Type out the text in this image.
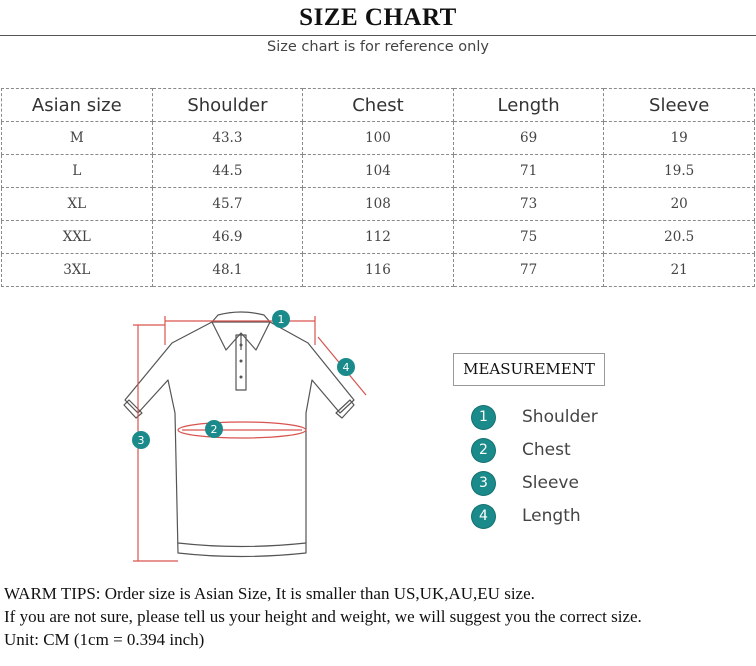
SIZE CHART
Size chart is for reference only
Asian size	Shoulder	Chest	Length	Sleeve
M	43.3	100	69	19
L	44.5	104	71	19.5
XL	45.7	108	73	20
XXL	46.9	112	75	20.5
3XL	48.1	116	77	21
1
2
3
4	MEASUREMENT
1	Shoulder
2	Chest
3	Sleeve
4	Length
WARM TIPS: Order size is Asian Size, It is smaller than US,UK,AU,EU size.
If you are not sure, please tell us your height and weight, we will suggest you the correct size.
Unit: CM (1cm = 0.394 inch)
